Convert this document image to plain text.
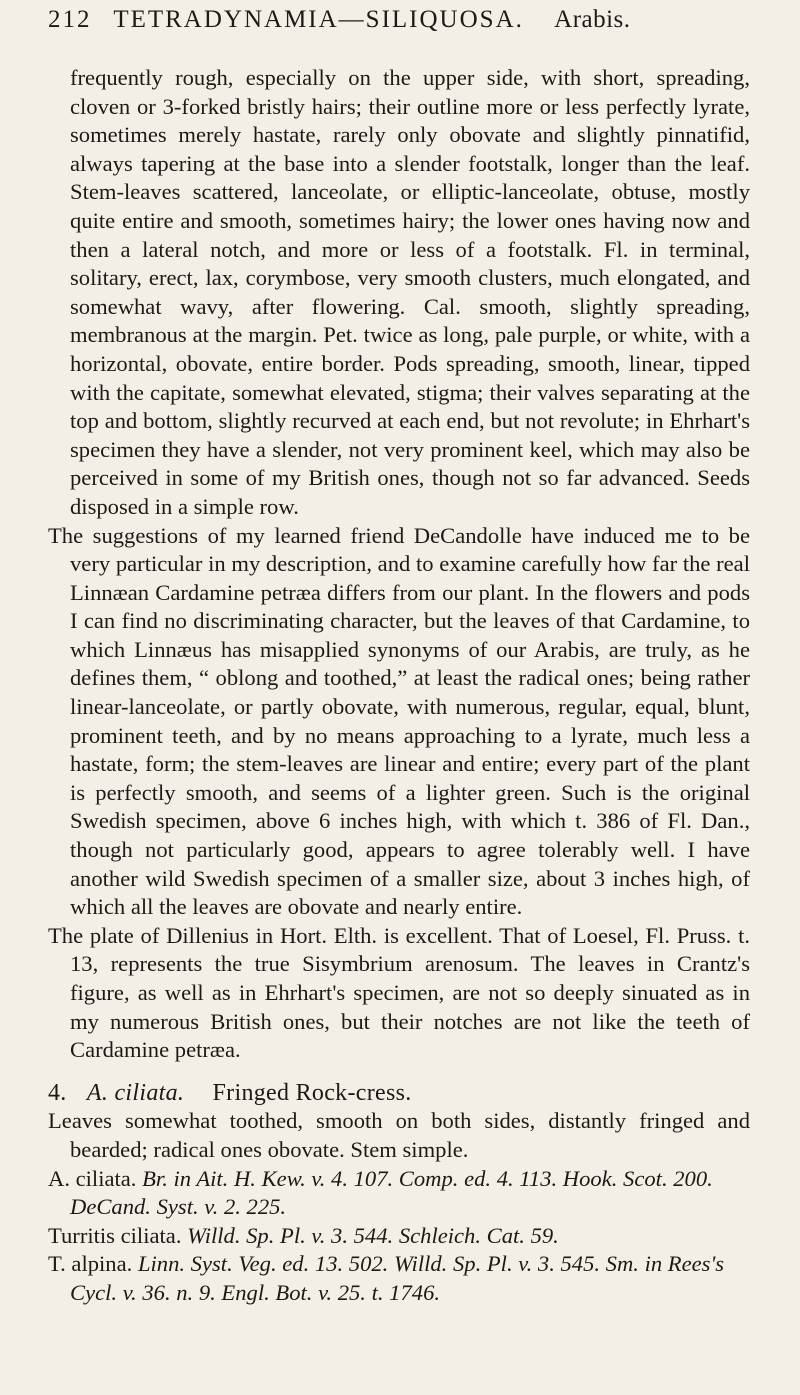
212 TETRADYNAMIA—SILIQUOSA. Arabis.

frequently rough, especially on the upper side, with short, spreading, cloven or 3-forked bristly hairs; their outline more or less perfectly lyrate, sometimes merely hastate, rarely only obovate and slightly pinnatifid, always tapering at the base into a slender footstalk, longer than the leaf. Stem-leaves scattered, lanceolate, or elliptic-lanceolate, obtuse, mostly quite entire and smooth, sometimes hairy; the lower ones having now and then a lateral notch, and more or less of a footstalk. Fl. in terminal, solitary, erect, lax, corymbose, very smooth clusters, much elongated, and somewhat wavy, after flowering. Cal. smooth, slightly spreading, membranous at the margin. Pet. twice as long, pale purple, or white, with a horizontal, obovate, entire border. Pods spreading, smooth, linear, tipped with the capitate, somewhat elevated, stigma; their valves separating at the top and bottom, slightly recurved at each end, but not revolute; in Ehrhart's specimen they have a slender, not very prominent keel, which may also be perceived in some of my British ones, though not so far advanced. Seeds disposed in a simple row.

The suggestions of my learned friend DeCandolle have induced me to be very particular in my description, and to examine carefully how far the real Linnæan Cardamine petræa differs from our plant. In the flowers and pods I can find no discriminating character, but the leaves of that Cardamine, to which Linnæus has misapplied synonyms of our Arabis, are truly, as he defines them, “ oblong and toothed,” at least the radical ones; being rather linear-lanceolate, or partly obovate, with numerous, regular, equal, blunt, prominent teeth, and by no means approaching to a lyrate, much less a hastate, form; the stem-leaves are linear and entire; every part of the plant is perfectly smooth, and seems of a lighter green. Such is the original Swedish specimen, above 6 inches high, with which t. 386 of Fl. Dan., though not particularly good, appears to agree tolerably well. I have another wild Swedish specimen of a smaller size, about 3 inches high, of which all the leaves are obovate and nearly entire.

The plate of Dillenius in Hort. Elth. is excellent. That of Loesel, Fl. Pruss. t. 13, represents the true Sisymbrium arenosum. The leaves in Crantz's figure, as well as in Ehrhart's specimen, are not so deeply sinuated as in my numerous British ones, but their notches are not like the teeth of Cardamine petræa.

4. A. ciliata. Fringed Rock-cress.

Leaves somewhat toothed, smooth on both sides, distantly fringed and bearded; radical ones obovate. Stem simple.

A. ciliata. Br. in Ait. H. Kew. v. 4. 107. Comp. ed. 4. 113. Hook. Scot. 200. DeCand. Syst. v. 2. 225.

Turritis ciliata. Willd. Sp. Pl. v. 3. 544. Schleich. Cat. 59.

T. alpina. Linn. Syst. Veg. ed. 13. 502. Willd. Sp. Pl. v. 3. 545. Sm. in Rees's Cycl. v. 36. n. 9. Engl. Bot. v. 25. t. 1746.
